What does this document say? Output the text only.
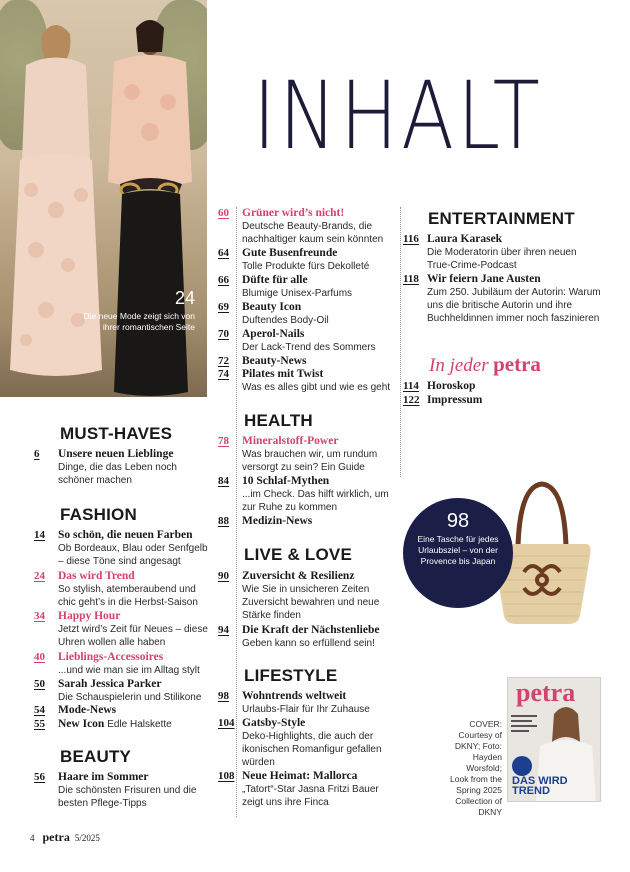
24
Die neue Mode zeigt sich von ihrer romantischen Seite
INHALT
MUST-HAVES
6	Unsere neuen Lieblinge
Dinge, die das Leben noch schöner machen
FASHION
14	So schön, die neuen Farben
Ob Bordeaux, Blau oder Senfgelb – diese Töne sind angesagt
24	Das wird Trend
So stylish, atemberaubend und chic geht’s in die Herbst-Saison
34	Happy Hour
Jetzt wird’s Zeit für Neues – diese Uhren wollen alle haben
40	Lieblings-Accessoires
...und wie man sie im Alltag stylt
50	Sarah Jessica Parker
Die Schauspielerin und Stilikone
54	Mode-News
55	New Icon Edle Halskette
BEAUTY
56	Haare im Sommer
Die schönsten Frisuren und die besten Pflege-Tipps
60	Grüner wird’s nicht!
Deutsche Beauty-Brands, die nachhaltiger kaum sein könnten
64	Gute Busenfreunde
Tolle Produkte fürs Dekolleté
66	Düfte für alle
Blumige Unisex-Parfums
69	Beauty Icon
Duftendes Body-Oil
70	Aperol-Nails
Der Lack-Trend des Sommers
72	Beauty-News
74	Pilates mit Twist
Was es alles gibt und wie es geht
HEALTH
78	Mineralstoff-Power
Was brauchen wir, um rundum versorgt zu sein? Ein Guide
84	10 Schlaf-Mythen
...im Check. Das hilft wirklich, um zur Ruhe zu kommen
88	Medizin-News
LIVE & LOVE
90	Zuversicht & Resilienz
Wie Sie in unsicheren Zeiten Zuversicht bewahren und neue Stärke finden
94	Die Kraft der Nächstenliebe
Geben kann so erfüllend sein!
LIFESTYLE
98	Wohntrends weltweit
Urlaubs-Flair für Ihr Zuhause
104 Gatsby-Style
Deko-Highlights, die auch der ikonischen Romanfigur gefallen würden
108 Neue Heimat: Mallorca
„Tatort“-Star Jasna Fritzi Bauer zeigt uns ihre Finca
ENTERTAINMENT
116 Laura Karasek
Die Moderatorin über ihren neuen True-Crime-Podcast
118 Wir feiern Jane Austen
Zum 250. Jubiläum der Autorin: Warum uns die britische Autorin und ihre Buchheldinnen immer noch faszinieren
In jeder petra
114 Horoskop
122 Impressum
98
Eine Tasche für jedes Urlaubsziel – von der Provence bis Japan
COVER: Courtesy of DKNY; Foto: Hayden Worsfold; Look from the Spring 2025 Collection of DKNY
petra
DAS WIRD TREND
4 petra 5/2025
